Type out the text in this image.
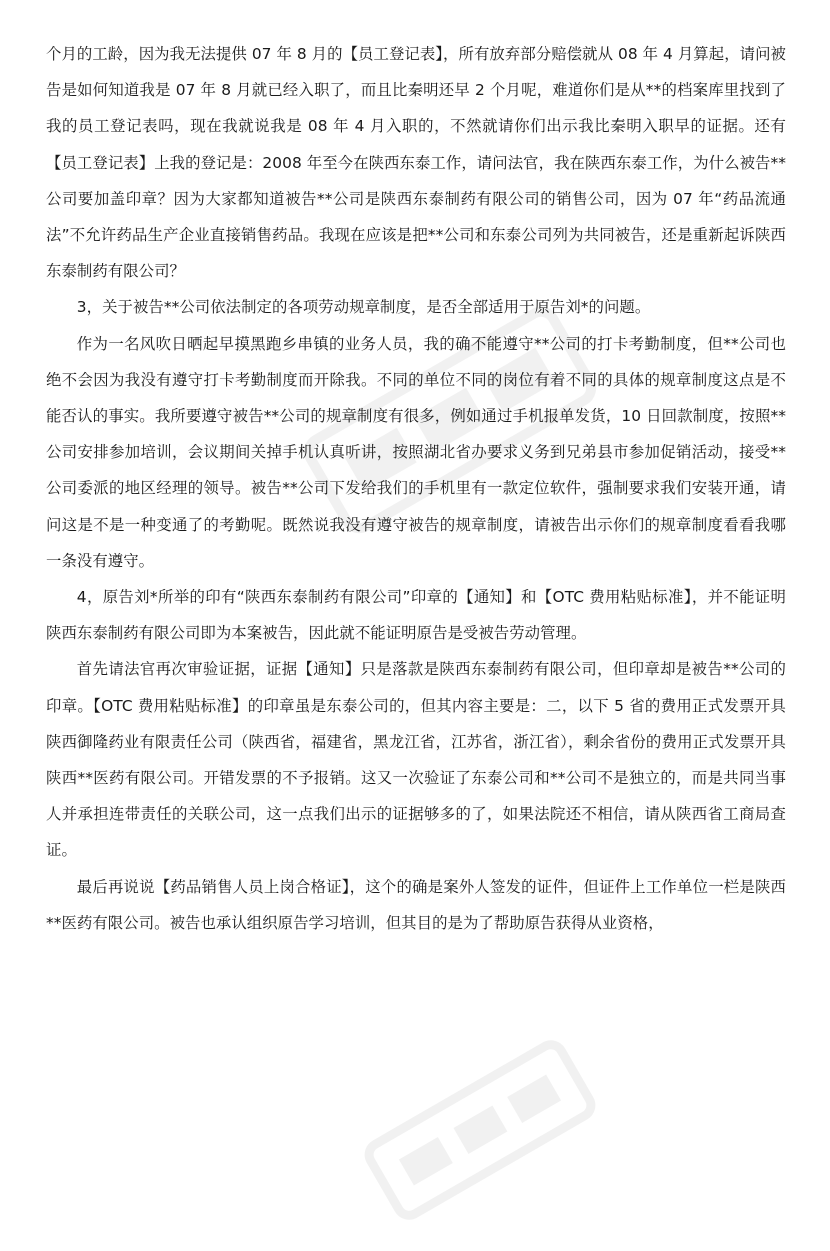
个月的工龄，因为我无法提供 07 年 8 月的【员工登记表】，所有放弃部分赔偿就从 08 年 4 月算起，请问被告是如何知道我是 07 年 8 月就已经入职了，而且比秦明还早 2 个月呢，难道你们是从**的档案库里找到了我的员工登记表吗，现在我就说我是 08 年 4 月入职的，不然就请你们出示我比秦明入职早的证据。还有【员工登记表】上我的登记是：2008 年至今在陕西东泰工作，请问法官，我在陕西东泰工作，为什么被告**公司要加盖印章？因为大家都知道被告**公司是陕西东泰制药有限公司的销售公司，因为 07 年“药品流通法”不允许药品生产企业直接销售药品。我现在应该是把**公司和东泰公司列为共同被告，还是重新起诉陕西东泰制药有限公司？

3，关于被告**公司依法制定的各项劳动规章制度，是否全部适用于原告刘*的问题。

作为一名风吹日晒起早摸黑跑乡串镇的业务人员，我的确不能遵守**公司的打卡考勤制度，但**公司也绝不会因为我没有遵守打卡考勤制度而开除我。不同的单位不同的岗位有着不同的具体的规章制度这点是不能否认的事实。我所要遵守被告**公司的规章制度有很多，例如通过手机报单发货，10 日回款制度，按照**公司安排参加培训，会议期间关掉手机认真听讲，按照湖北省办要求义务到兄弟县市参加促销活动，接受**公司委派的地区经理的领导。被告**公司下发给我们的手机里有一款定位软件，强制要求我们安装开通，请问这是不是一种变通了的考勤呢。既然说我没有遵守被告的规章制度，请被告出示你们的规章制度看看我哪一条没有遵守。

4，原告刘*所举的印有“陕西东泰制药有限公司”印章的【通知】和【OTC 费用粘贴标准】，并不能证明陕西东泰制药有限公司即为本案被告，因此就不能证明原告是受被告劳动管理。

首先请法官再次审验证据，证据【通知】只是落款是陕西东泰制药有限公司，但印章却是被告**公司的印章。【OTC 费用粘贴标准】的印章虽是东泰公司的，但其内容主要是：二，以下 5 省的费用正式发票开具陕西御隆药业有限责任公司（陕西省，福建省，黑龙江省，江苏省，浙江省），剩余省份的费用正式发票开具陕西**医药有限公司。开错发票的不予报销。这又一次验证了东泰公司和**公司不是独立的，而是共同当事人并承担连带责任的关联公司，这一点我们出示的证据够多的了，如果法院还不相信，请从陕西省工商局查证。

最后再说说【药品销售人员上岗合格证】，这个的确是案外人签发的证件，但证件上工作单位一栏是陕西**医药有限公司。被告也承认组织原告学习培训，但其目的是为了帮助原告获得从业资格，
